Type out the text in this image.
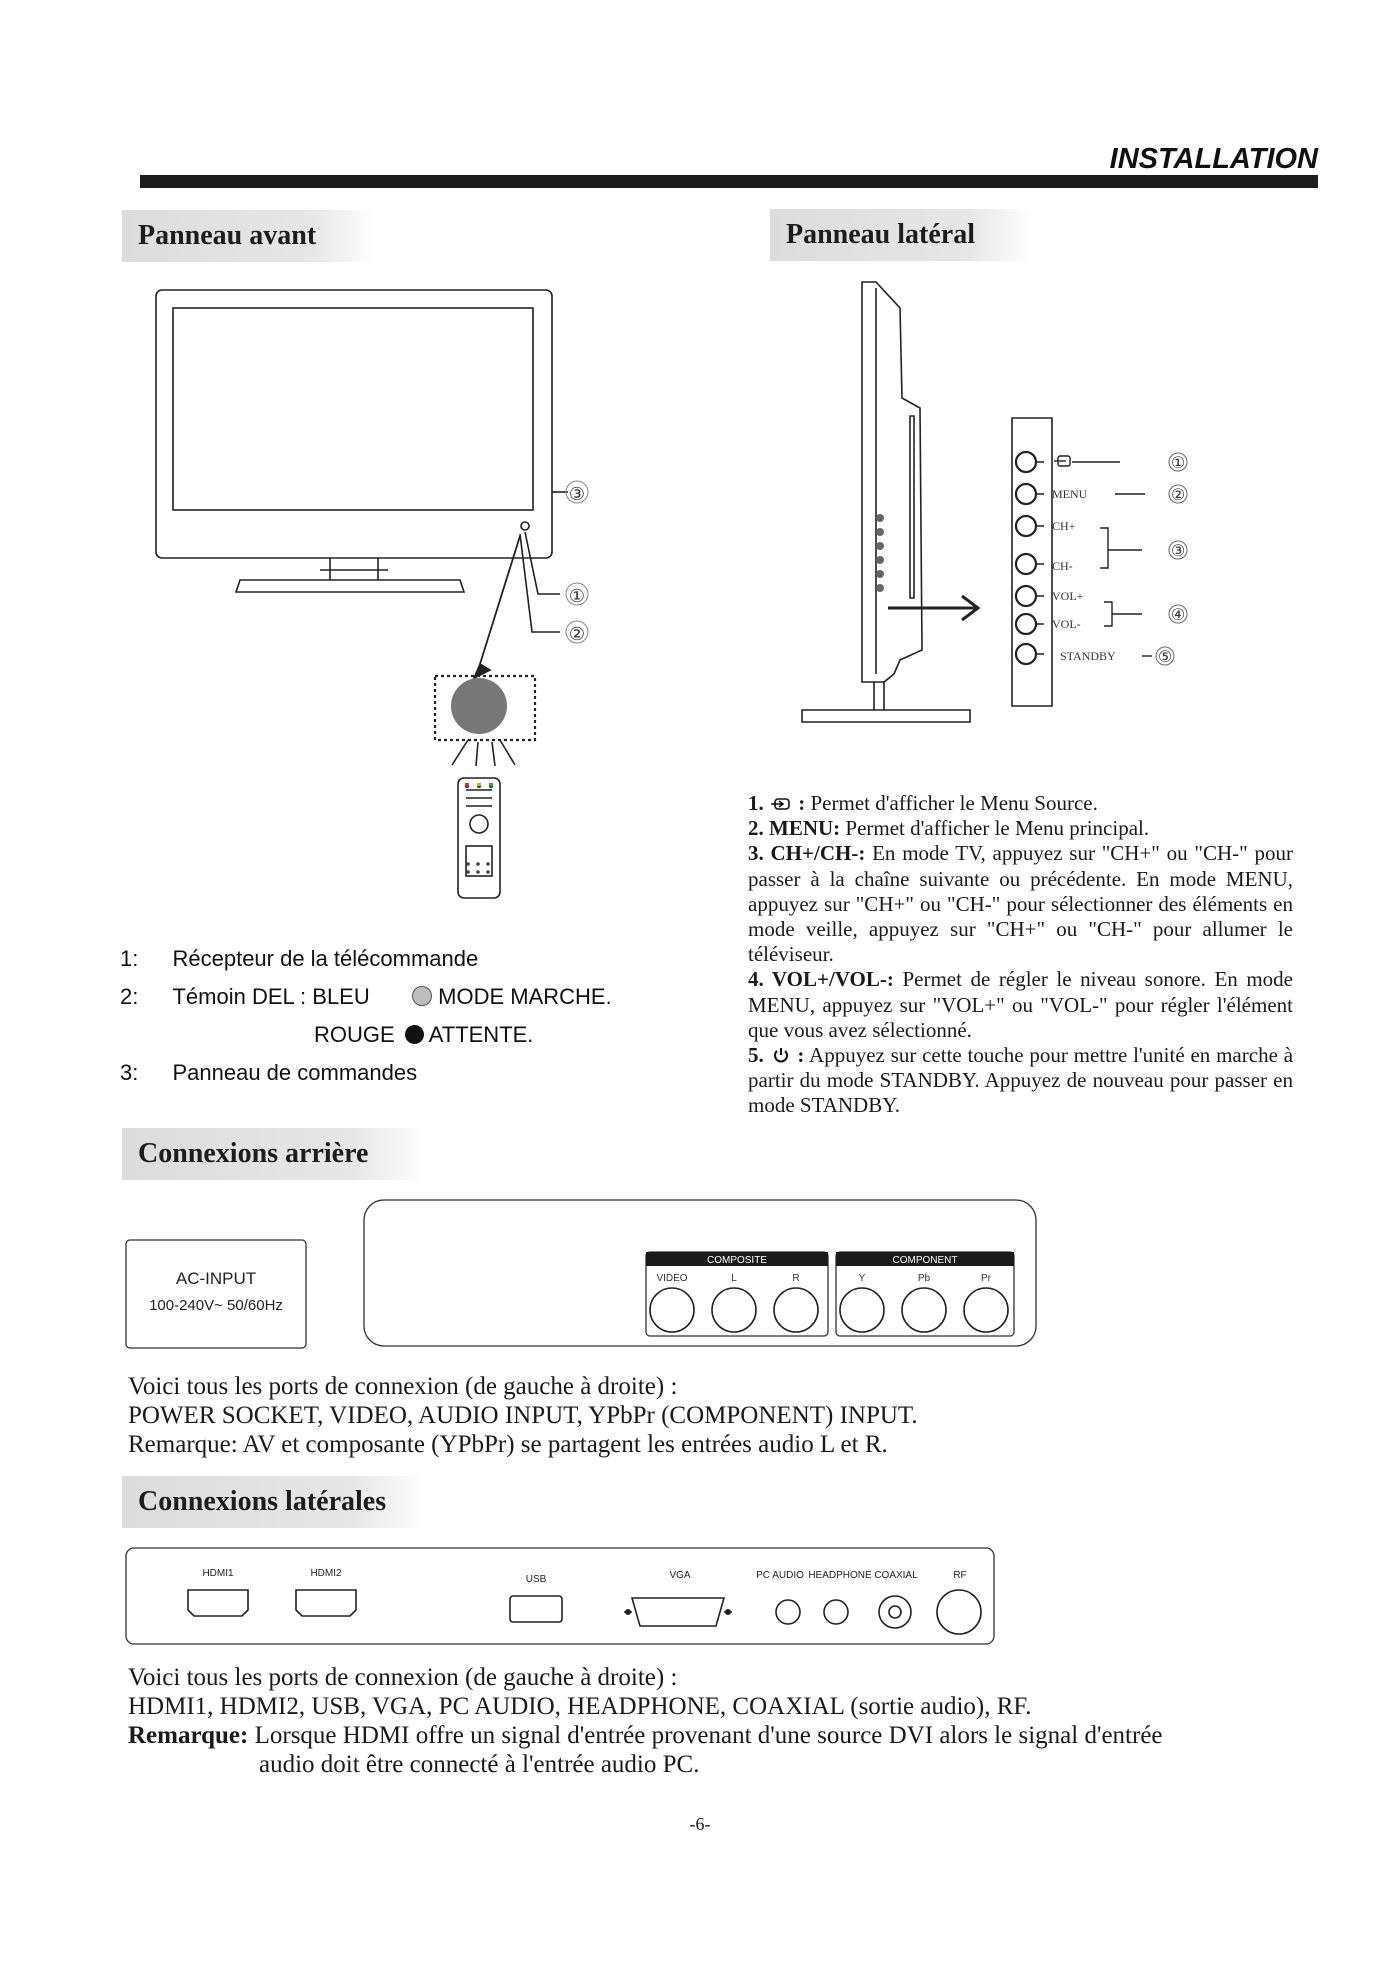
INSTALLATION
Panneau avant	Panneau latéral
Connexions arrière
Connexions latérales
③
①
②
1: Récepteur de la télécommande
2: Témoin DEL : BLEU	MODE MARCHE.
ROUGE ATTENTE.
3: Panneau de commandes
MENU
CH+
CH-
VOL+
VOL-
STANDBY
①
②
③
④
⑤

1. : Permet d'afficher le Menu Source.

2. MENU: Permet d'afficher le Menu principal.

3. CH+/CH-: En mode TV, appuyez sur "CH+" ou "CH-" pour passer à la chaîne suivante ou précédente. En mode MENU, appuyez sur "CH+" ou "CH-" pour sélectionner des éléments en mode veille, appuyez sur "CH+" ou "CH-" pour allumer le téléviseur.

4. VOL+/VOL-: Permet de régler le niveau sonore. En mode MENU, appuyez sur "VOL+" ou "VOL-" pour régler l'élément que vous avez sélectionné.

5. : Appuyez sur cette touche pour mettre l'unité en marche à partir du mode STANDBY. Appuyez de nouveau pour passer en mode STANDBY.

AC-INPUT
100-240V~ 50/60Hz
COMPOSITE	COMPONENT
VIDEO	L	R	Y	Pb	Pr

Voici tous les ports de connexion (de gauche à droite) :

POWER SOCKET, VIDEO, AUDIO INPUT, YPbPr (COMPONENT) INPUT.

Remarque: AV et composante (YPbPr) se partagent les entrées audio L et R.

HDMI1	HDMI2
USB	VGA	PC AUDIO HEADPHONE COAXIAL	RF

Voici tous les ports de connexion (de gauche à droite) :

HDMI1, HDMI2, USB, VGA, PC AUDIO, HEADPHONE, COAXIAL (sortie audio), RF.

Remarque: Lorsque HDMI offre un signal d'entrée provenant d'une source DVI alors le signal d'entrée

audio doit être connecté à l'entrée audio PC.

-6-
